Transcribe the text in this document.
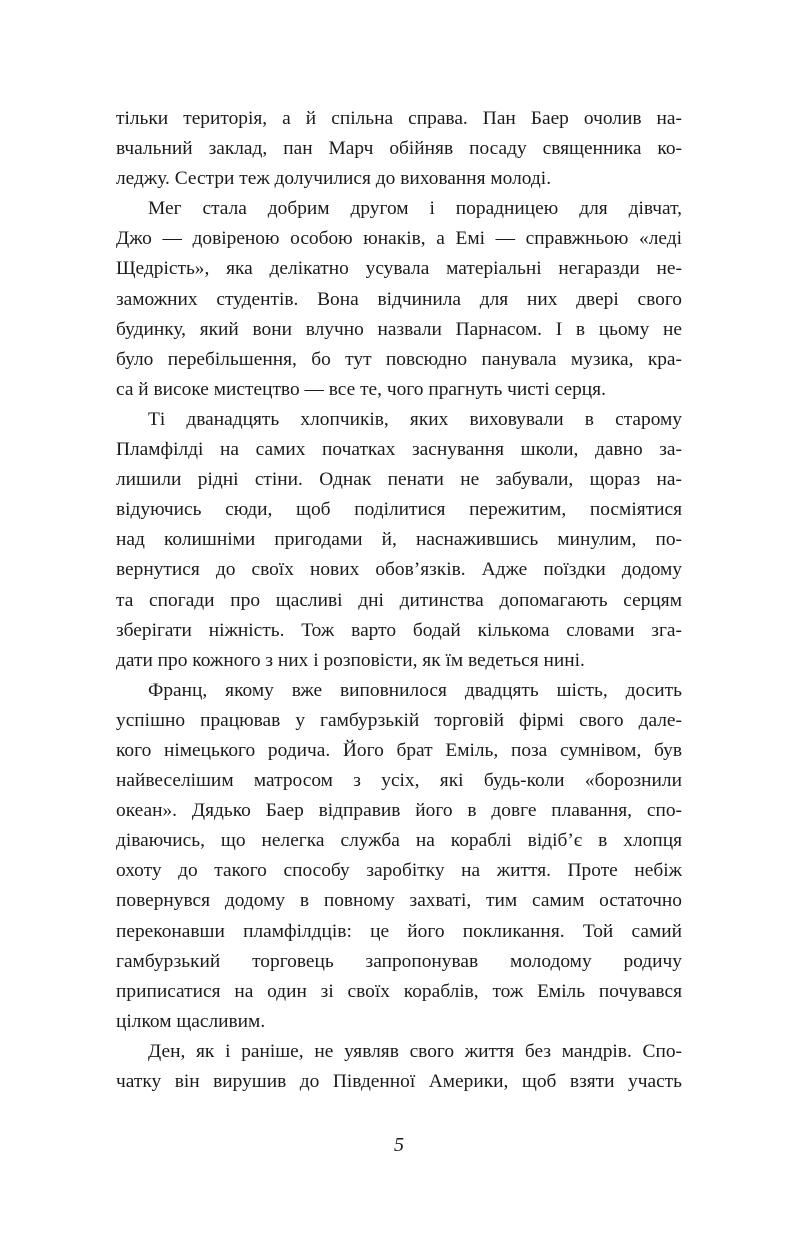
тільки територія, а й спільна справа. Пан Баер очолив на-
вчальний заклад, пан Марч обійняв посаду священника ко-
леджу. Сестри теж долучилися до виховання молоді.
Мег стала добрим другом і порадницею для дівчат,
Джо — довіреною особою юнаків, а Емі — справжньою «леді
Щедрість», яка делікатно усувала матеріальні негаразди не-
заможних студентів. Вона відчинила для них двері свого
будинку, який вони влучно назвали Парнасом. І в цьому не
було перебільшення, бо тут повсюдно панувала музика, кра-
са й високе мистецтво — все те, чого прагнуть чисті серця.
Ті дванадцять хлопчиків, яких виховували в старому
Пламфілді на самих початках заснування школи, давно за-
лишили рідні стіни. Однак пенати не забували, щораз на-
відуючись сюди, щоб поділитися пережитим, посміятися
над колишніми пригодами й, наснажившись минулим, по-
вернутися до своїх нових обов’язків. Адже поїздки додому
та спогади про щасливі дні дитинства допомагають серцям
зберігати ніжність. Тож варто бодай кількома словами зга-
дати про кожного з них і розповісти, як їм ведеться нині.
Франц, якому вже виповнилося двадцять шість, досить
успішно працював у гамбурзькій торговій фірмі свого дале-
кого німецького родича. Його брат Еміль, поза сумнівом, був
найвеселішим матросом з усіх, які будь-коли «борознили
океан». Дядько Баер відправив його в довге плавання, спо-
діваючись, що нелегка служба на кораблі відіб’є в хлопця
охоту до такого способу заробітку на життя. Проте небіж
повернувся додому в повному захваті, тим самим остаточно
переконавши пламфілдців: це його покликання. Той самий
гамбурзький торговець запропонував молодому родичу
приписатися на один зі своїх кораблів, тож Еміль почувався
цілком щасливим.
Ден, як і раніше, не уявляв свого життя без мандрів. Спо-
чатку він вирушив до Південної Америки, щоб взяти участь
5
